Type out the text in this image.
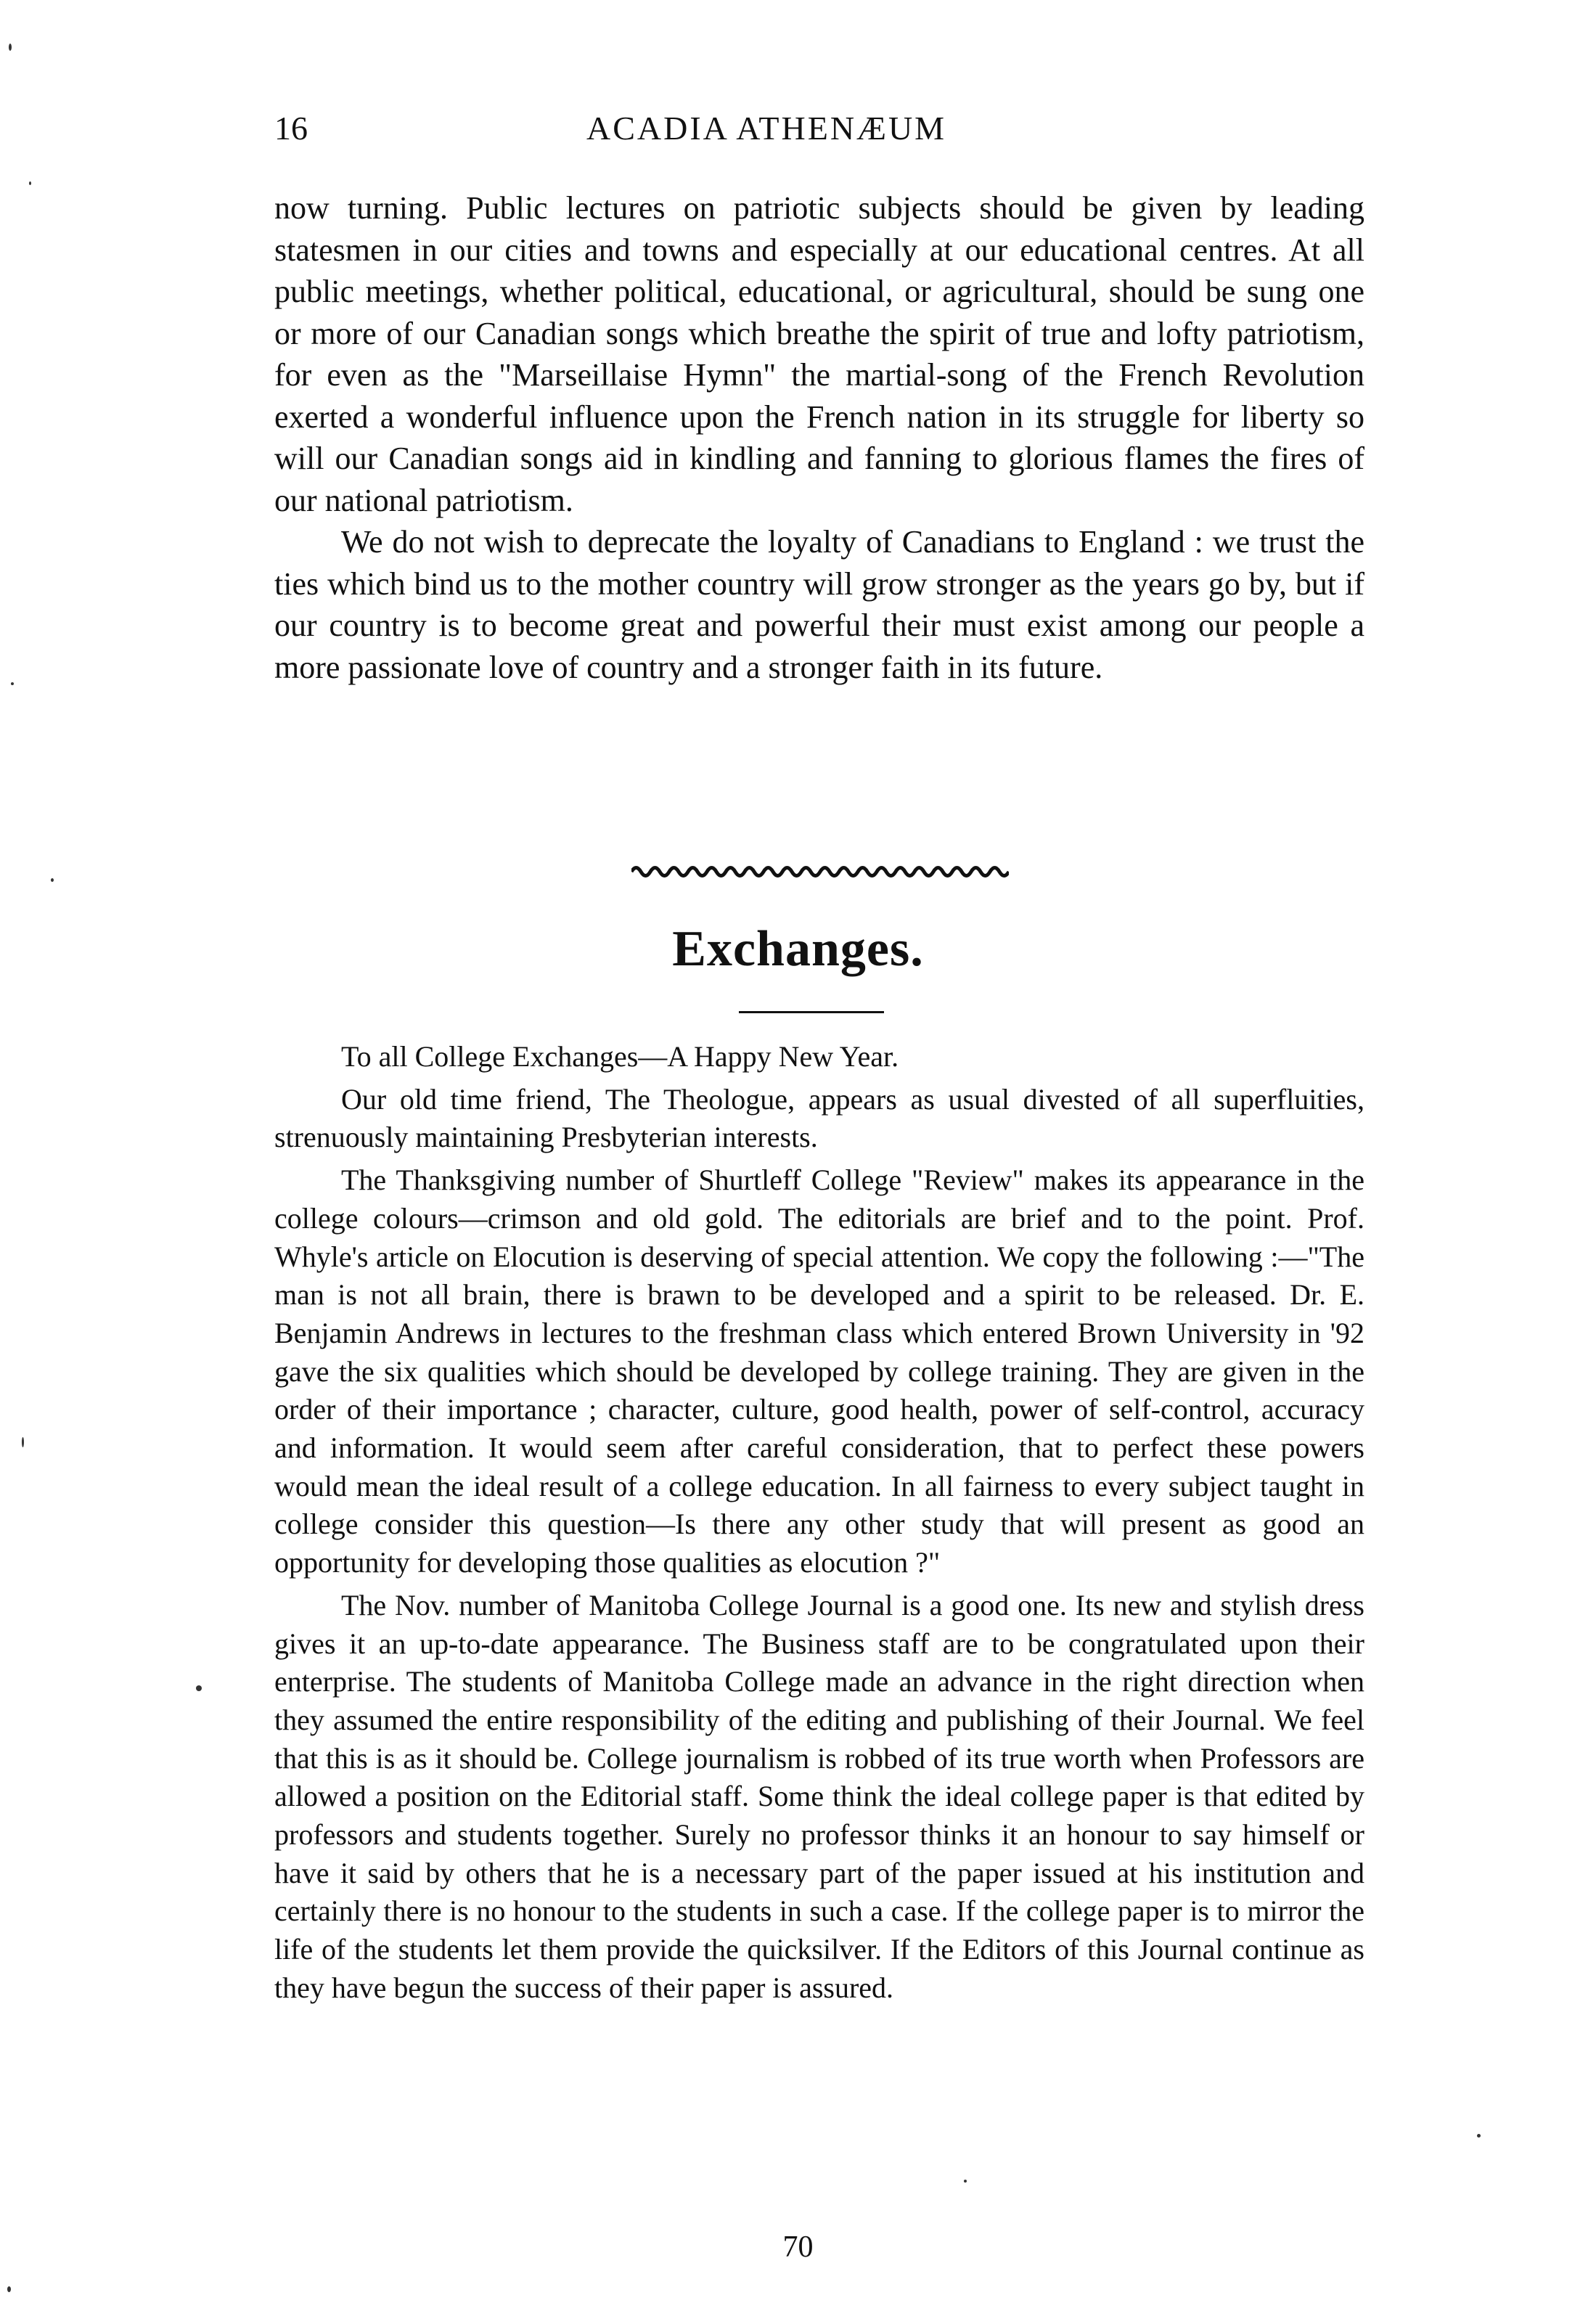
16	ACADIA ATHENÆUM

now turning. Public lectures on patriotic subjects should be given by leading statesmen in our cities and towns and especially at our educational centres. At all public meetings, whether political, educational, or agricultural, should be sung one or more of our Canadian songs which breathe the spirit of true and lofty patriotism, for even as the "Marseillaise Hymn" the martial-song of the French Revolution exerted a wonderful influence upon the French nation in its struggle for liberty so will our Canadian songs aid in kindling and fanning to glorious flames the fires of our national patriotism.

We do not wish to deprecate the loyalty of Canadians to England : we trust the ties which bind us to the mother country will grow stronger as the years go by, but if our country is to become great and powerful their must exist among our people a more passionate love of country and a stronger faith in its future.

Exchanges.

To all College Exchanges—A Happy New Year.

Our old time friend, The Theologue, appears as usual divested of all superfluities, strenuously maintaining Presbyterian interests.

The Thanksgiving number of Shurtleff College "Review" makes its appearance in the college colours—crimson and old gold. The editorials are brief and to the point. Prof. Whyle's article on Elocution is deserving of special attention. We copy the following :—"The man is not all brain, there is brawn to be developed and a spirit to be released. Dr. E. Benjamin Andrews in lectures to the freshman class which entered Brown University in '92 gave the six qualities which should be developed by college training. They are given in the order of their importance ; character, culture, good health, power of self-control, accuracy and information. It would seem after careful consideration, that to perfect these powers would mean the ideal result of a college education. In all fairness to every subject taught in college consider this question—Is there any other study that will present as good an opportunity for developing those qualities as elocution ?"

The Nov. number of Manitoba College Journal is a good one. Its new and stylish dress gives it an up-to-date appearance. The Business staff are to be congratulated upon their enterprise. The students of Manitoba College made an advance in the right direction when they assumed the entire responsibility of the editing and publishing of their Journal. We feel that this is as it should be. College journalism is robbed of its true worth when Professors are allowed a position on the Editorial staff. Some think the ideal college paper is that edited by professors and students together. Surely no professor thinks it an honour to say himself or have it said by others that he is a necessary part of the paper issued at his institution and certainly there is no honour to the students in such a case. If the college paper is to mirror the life of the students let them provide the quicksilver. If the Editors of this Journal continue as they have begun the success of their paper is assured.

70
